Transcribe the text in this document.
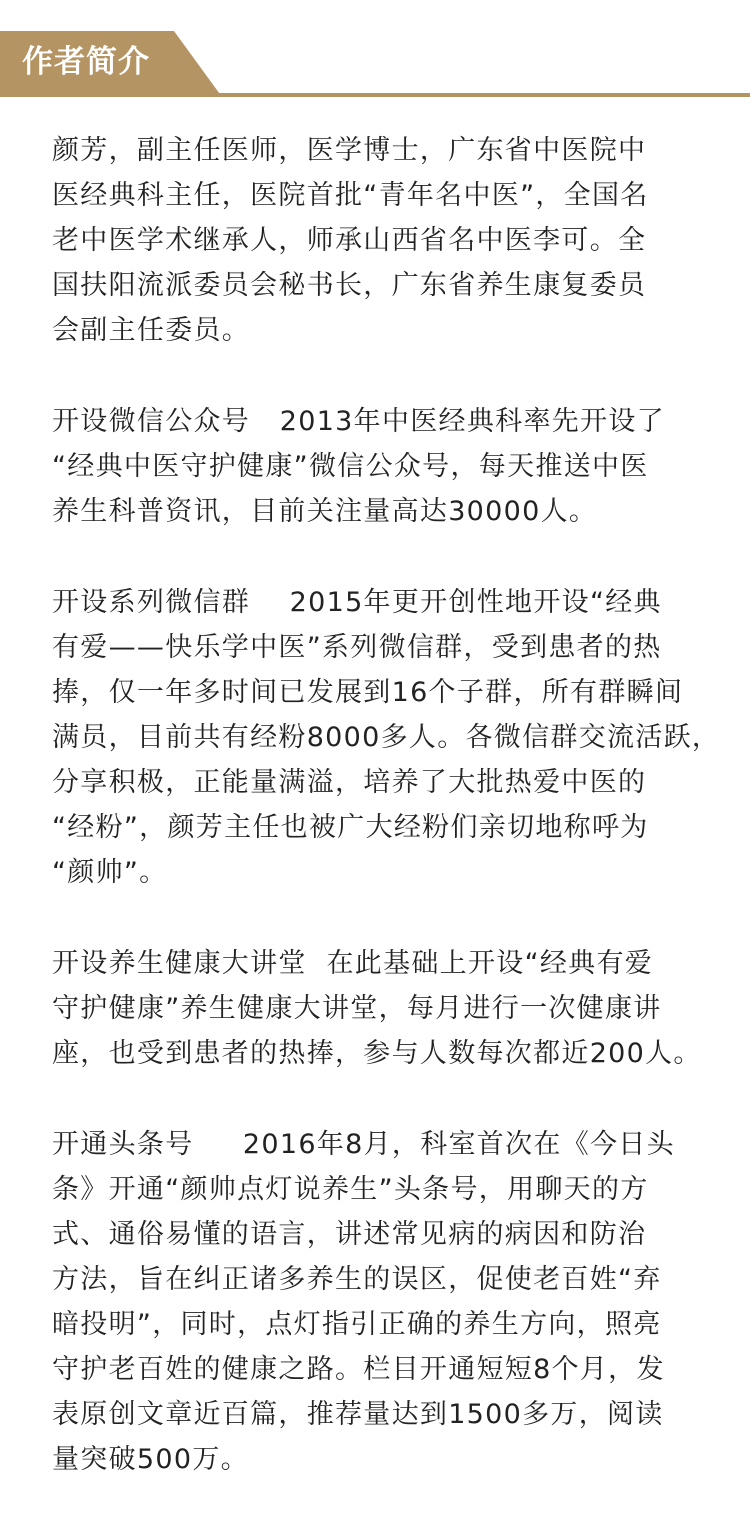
作者简介

颜芳，副主任医师，医学博士，广东省中医院中
医经典科主任，医院首批“青年名中医”，全国名
老中医学术继承人，师承山西省名中医李可。全
国扶阳流派委员会秘书长，广东省养生康复委员
会副主任委员。

开设微信公众号   2013年中医经典科率先开设了
“经典中医守护健康”微信公众号，每天推送中医
养生科普资讯，目前关注量高达30000人。

开设系列微信群    2015年更开创性地开设“经典
有爱——快乐学中医”系列微信群，受到患者的热
捧，仅一年多时间已发展到16个子群，所有群瞬间
满员，目前共有经粉8000多人。各微信群交流活跃，
分享积极，正能量满溢，培养了大批热爱中医的
“经粉”，颜芳主任也被广大经粉们亲切地称呼为
“颜帅”。

开设养生健康大讲堂  在此基础上开设“经典有爱
守护健康”养生健康大讲堂，每月进行一次健康讲
座，也受到患者的热捧，参与人数每次都近200人。

开通头条号     2016年8月，科室首次在《今日头
条》开通“颜帅点灯说养生”头条号，用聊天的方
式、通俗易懂的语言，讲述常见病的病因和防治
方法，旨在纠正诸多养生的误区，促使老百姓“弃
暗投明”，同时，点灯指引正确的养生方向，照亮
守护老百姓的健康之路。栏目开通短短8个月，发
表原创文章近百篇，推荐量达到1500多万，阅读
量突破500万。
